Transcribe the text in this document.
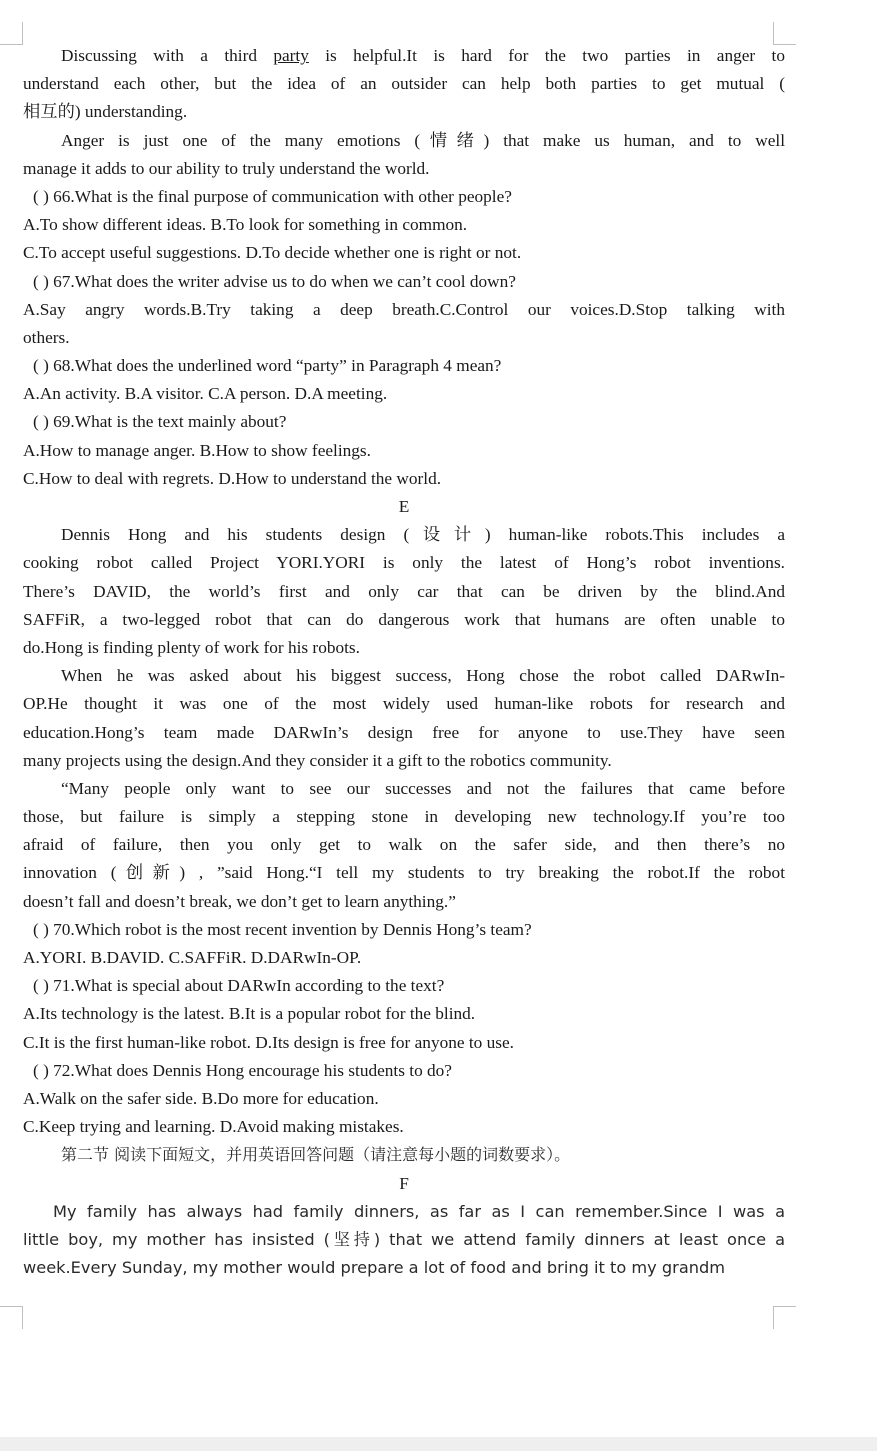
Discussing with a third party is helpful.It is hard for the two parties in anger to
understand each other, but the idea of an outsider can help both parties to get mutual (
相互的) understanding.
Anger is just one of the many emotions (情绪) that make us human, and to well
manage it adds to our ability to truly understand the world.
( ) 66.What is the final purpose of communication with other people?
A.To show different ideas. B.To look for something in common.
C.To accept useful suggestions. D.To decide whether one is right or not.
( ) 67.What does the writer advise us to do when we can’t cool down?
A.Say angry words.B.Try taking a deep breath.C.Control our voices.D.Stop talking with
others.
( ) 68.What does the underlined word “party” in Paragraph 4 mean?
A.An activity. B.A visitor. C.A person. D.A meeting.
( ) 69.What is the text mainly about?
A.How to manage anger. B.How to show feelings.
C.How to deal with regrets. D.How to understand the world.
E
Dennis Hong and his students design (设计) human-like robots.This includes a
cooking robot called Project YORI.YORI is only the latest of Hong’s robot inventions.
There’s DAVID, the world’s first and only car that can be driven by the blind.And
SAFFiR, a two-legged robot that can do dangerous work that humans are often unable to
do.Hong is finding plenty of work for his robots.
When he was asked about his biggest success, Hong chose the robot called DARwIn-
OP.He thought it was one of the most widely used human-like robots for research and
education.Hong’s team made DARwIn’s design free for anyone to use.They have seen
many projects using the design.And they consider it a gift to the robotics community.
“Many people only want to see our successes and not the failures that came before
those, but failure is simply a stepping stone in developing new technology.If you’re too
afraid of failure, then you only get to walk on the safer side, and then there’s no
innovation (创新) , ”said Hong.“I tell my students to try breaking the robot.If the robot
doesn’t fall and doesn’t break, we don’t get to learn anything.”
( ) 70.Which robot is the most recent invention by Dennis Hong’s team?
A.YORI. B.DAVID. C.SAFFiR. D.DARwIn-OP.
( ) 71.What is special about DARwIn according to the text?
A.Its technology is the latest. B.It is a popular robot for the blind.
C.It is the first human-like robot. D.Its design is free for anyone to use.
( ) 72.What does Dennis Hong encourage his students to do?
A.Walk on the safer side. B.Do more for education.
C.Keep trying and learning. D.Avoid making mistakes.
第二节 阅读下面短文，并用英语回答问题（请注意每小题的词数要求）。
F
My family has always had family dinners, as far as I can remember.Since I was a
little boy, my mother has insisted (坚持) that we attend family dinners at least once a
week.Every Sunday, my mother would prepare a lot of food and bring it to my grandm
